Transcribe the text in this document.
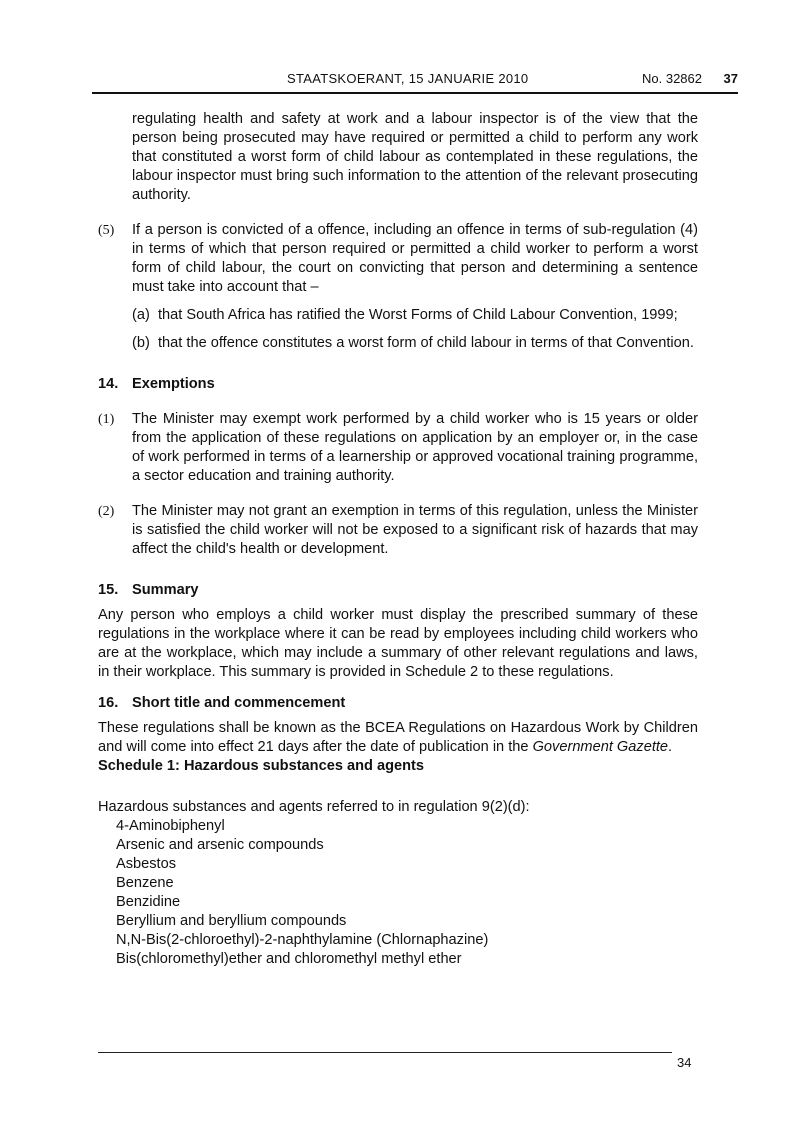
STAATSKOERANT, 15 JANUARIE 2010	No. 32862 37

regulating health and safety at work and a labour inspector is of the view that the person being prosecuted may have required or permitted a child to perform any work that constituted a worst form of child labour as contemplated in these regulations, the labour inspector must bring such information to the attention of the relevant prosecuting authority.

(5) If a person is convicted of a offence, including an offence in terms of sub-regulation (4) in terms of which that person required or permitted a child worker to perform a worst form of child labour, the court on convicting that person and determining a sentence must take into account that –

(a) that South Africa has ratified the Worst Forms of Child Labour Convention, 1999;

(b) that the offence constitutes a worst form of child labour in terms of that Convention.

14. Exemptions
(1) The Minister may exempt work performed by a child worker who is 15 years or older from the application of these regulations on application by an employer or, in the case of work performed in terms of a learnership or approved vocational training programme, a sector education and training authority.

(2) The Minister may not grant an exemption in terms of this regulation, unless the Minister is satisfied the child worker will not be exposed to a significant risk of hazards that may affect the child's health or development.

15. Summary

Any person who employs a child worker must display the prescribed summary of these regulations in the workplace where it can be read by employees including child workers who are at the workplace, which may include a summary of other relevant regulations and laws, in their workplace. This summary is provided in Schedule 2 to these regulations.

16. Short title and commencement

These regulations shall be known as the BCEA Regulations on Hazardous Work by Children and will come into effect 21 days after the date of publication in the Government Gazette.

Schedule 1: Hazardous substances and agents

Hazardous substances and agents referred to in regulation 9(2)(d):

4-Aminobiphenyl
Arsenic and arsenic compounds
Asbestos
Benzene
Benzidine
Beryllium and beryllium compounds
N,N-Bis(2-chloroethyl)-2-naphthylamine (Chlornaphazine)
Bis(chloromethyl)ether and chloromethyl methyl ether
34
